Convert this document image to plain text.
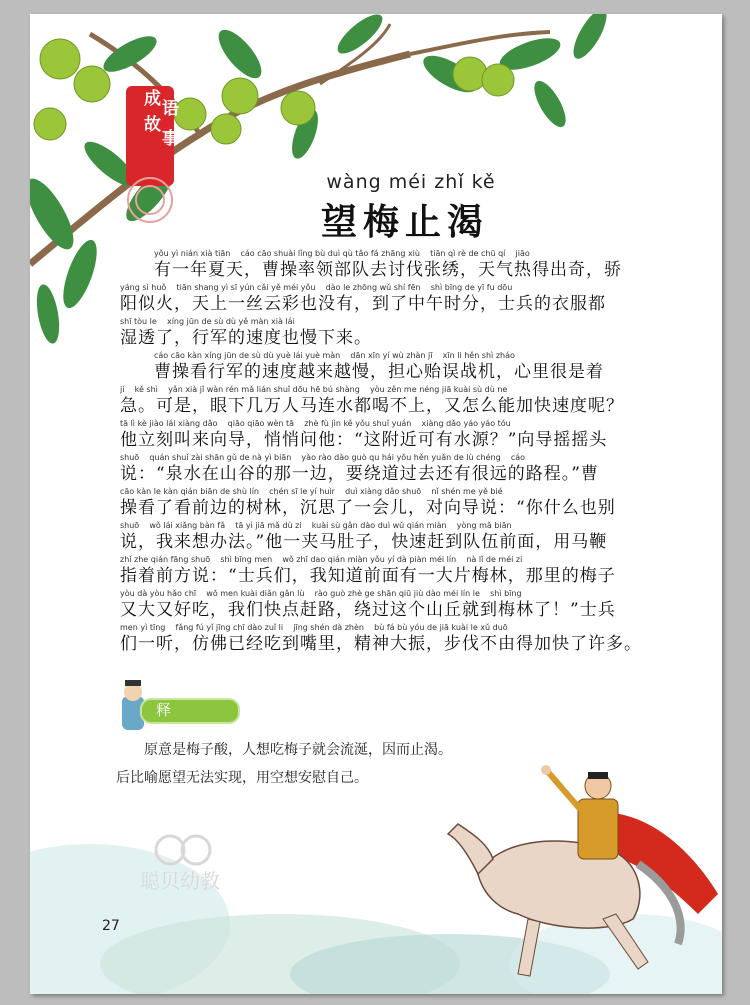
成 语
故
事
wàng méi zhǐ kě
望梅止渴
yǒu yì nián xià tiān    cáo cāo shuài lǐng bù duì qù tǎo fá zhāng xiù    tiān qì rè de chū qí    jiāo
有一年夏天，曹操率领部队去讨伐张绣，天气热得出奇，骄
yáng sì huǒ    tiān shang yì sī yún cǎi yě méi yǒu    dào le zhōng wǔ shí fēn    shì bīng de yī fu dōu
阳似火，天上一丝云彩也没有，到了中午时分，士兵的衣服都
shī tòu le    xíng jūn de sù dù yě màn xià lái
湿透了，行军的速度也慢下来。
cáo cāo kàn xíng jūn de sù dù yuè lái yuè màn    dān xīn yí wù zhàn jī    xīn li hěn shì zháo
曹操看行军的速度越来越慢，担心贻误战机，心里很是着
jí    kě shì    yǎn xià jǐ wàn rén mǎ lián shuǐ dōu hē bú shàng    yòu zěn me néng jiā kuài sù dù ne
急。可是，眼下几万人马连水都喝不上，又怎么能加快速度呢？
tā lì kè jiào lái xiàng dǎo    qiāo qiāo wèn tā    zhè fù jìn kě yǒu shuǐ yuán    xiàng dǎo yáo yáo tóu
他立刻叫来向导，悄悄问他：“这附近可有水源？”向导摇摇头
shuō    quán shuǐ zài shān gǔ de nà yì biān    yào rào dào guò qu hái yǒu hěn yuǎn de lù chéng    cáo
说：“泉水在山谷的那一边，要绕道过去还有很远的路程。”曹
cāo kàn le kàn qián biān de shù lín    chén sī le yí huìr    duì xiàng dǎo shuō    nǐ shén me yě bié
操看了看前边的树林，沉思了一会儿，对向导说：“你什么也别
shuō    wǒ lái xiǎng bàn fǎ    tā yì jiā mǎ dù zi    kuài sù gǎn dào duì wǔ qián miàn    yòng mǎ biān
说，我来想办法。”他一夹马肚子，快速赶到队伍前面，用马鞭
zhǐ zhe qián fāng shuō    shì bīng men    wǒ zhī dao qián miàn yǒu yí dà piàn méi lín    nà lǐ de méi zi
指着前方说：“士兵们，我知道前面有一大片梅林，那里的梅子
yòu dà yòu hǎo chī    wǒ men kuài diǎn gǎn lù    rào guò zhè ge shān qiū jiù dào méi lín le    shì bīng
又大又好吃，我们快点赶路，绕过这个山丘就到梅林了！”士兵
men yì tīng    fǎng fú yǐ jīng chī dào zuǐ li    jīng shén dà zhèn    bù fá bù yóu de jiā kuài le xǔ duō
们一听，仿佛已经吃到嘴里，精神大振，步伐不由得加快了许多。
释义

原意是梅子酸，人想吃梅子就会流涎，因而止渴。

后比喻愿望无法实现，用空想安慰自己。

聪贝幼教
27
